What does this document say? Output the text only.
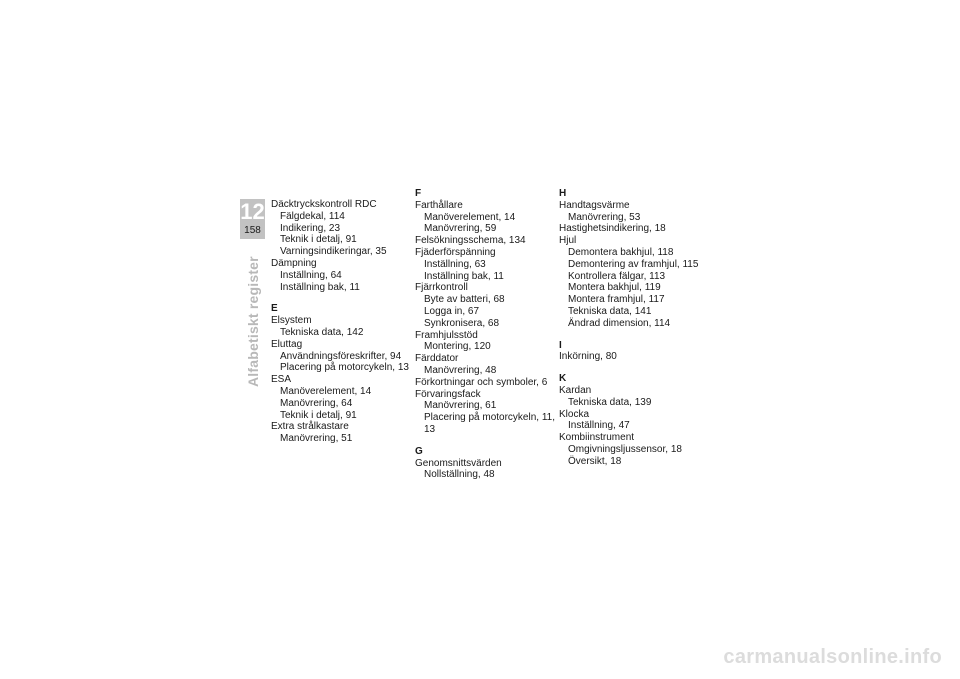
12
158
Alfabetiskt register
Däcktryckskontroll RDC
Fälgdekal, 114
Indikering, 23
Teknik i detalj, 91
Varningsindikeringar, 35
Dämpning
Inställning, 64
Inställning bak, 11
E
Elsystem
Tekniska data, 142
Eluttag
Användningsföreskrifter, 94
Placering på motorcykeln, 13
ESA
Manöverelement, 14
Manövrering, 64
Teknik i detalj, 91
Extra strålkastare
Manövrering, 51
F
Farthållare
Manöverelement, 14
Manövrering, 59
Felsökningsschema, 134
Fjäderförspänning
Inställning, 63
Inställning bak, 11
Fjärrkontroll
Byte av batteri, 68
Logga in, 67
Synkronisera, 68
Framhjulsstöd
Montering, 120
Färddator
Manövrering, 48
Förkortningar och symboler, 6
Förvaringsfack
Manövrering, 61
Placering på motorcykeln, 11,
13
G
Genomsnittsvärden
Nollställning, 48
H
Handtagsvärme
Manövrering, 53
Hastighetsindikering, 18
Hjul
Demontera bakhjul, 118
Demontering av framhjul, 115
Kontrollera fälgar, 113
Montera bakhjul, 119
Montera framhjul, 117
Tekniska data, 141
Ändrad dimension, 114
I
Inkörning, 80
K
Kardan
Tekniska data, 139
Klocka
Inställning, 47
Kombiinstrument
Omgivningsljussensor, 18
Översikt, 18
carmanualsonline.info
